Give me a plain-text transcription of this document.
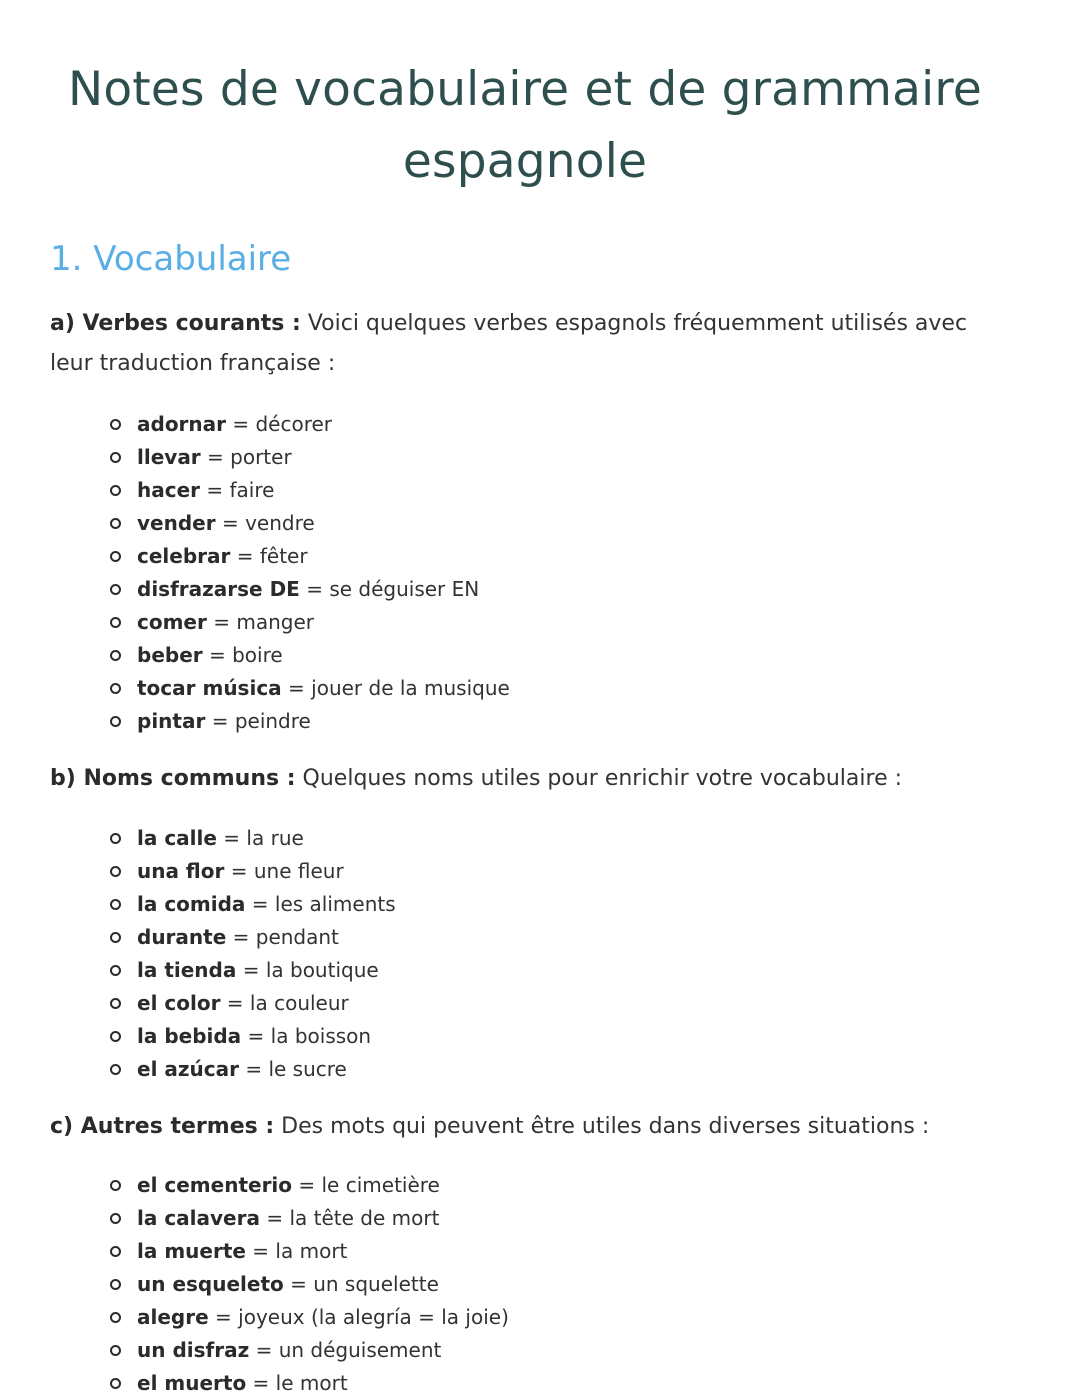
Notes de vocabulaire et de grammaire espagnole
1. Vocabulaire

a) Verbes courants : Voici quelques verbes espagnols fréquemment utilisés avec leur traduction française :

adornar = décorer
llevar = porter
hacer = faire
vender = vendre
celebrar = fêter
disfrazarse DE = se déguiser EN
comer = manger
beber = boire
tocar música = jouer de la musique
pintar = peindre

b) Noms communs : Quelques noms utiles pour enrichir votre vocabulaire :

la calle = la rue
una flor = une fleur
la comida = les aliments
durante = pendant
la tienda = la boutique
el color = la couleur
la bebida = la boisson
el azúcar = le sucre

c) Autres termes : Des mots qui peuvent être utiles dans diverses situations :

el cementerio = le cimetière
la calavera = la tête de mort
la muerte = la mort
un esqueleto = un squelette
alegre = joyeux (la alegría = la joie)
un disfraz = un déguisement
el muerto = le mort
